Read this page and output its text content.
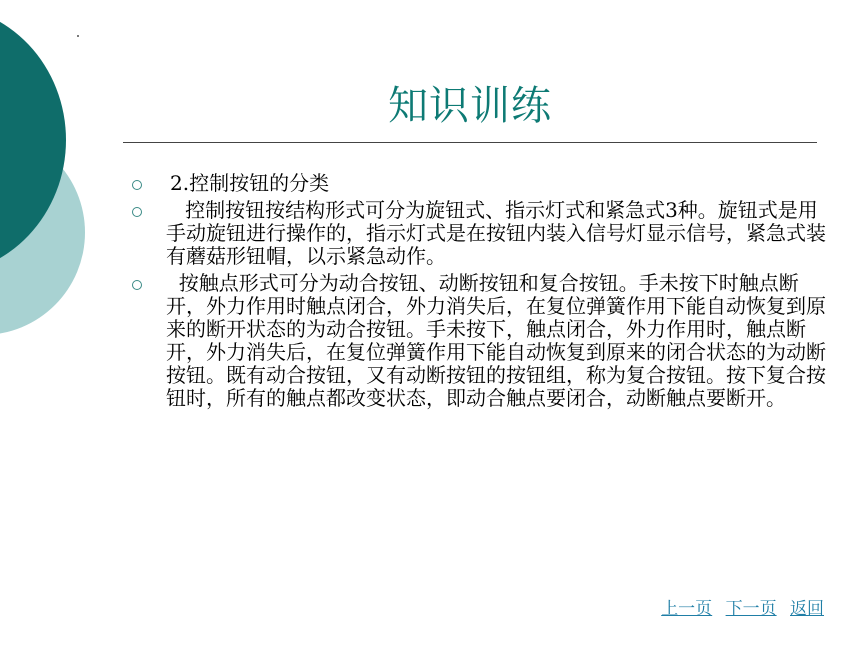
知识训练

2.控制按钮的分类

控制按钮按结构形式可分为旋钮式、指示灯式和紧急式3种。旋钮式是用手动旋钮进行操作的，指示灯式是在按钮内装入信号灯显示信号，紧急式装有蘑菇形钮帽，以示紧急动作。

按触点形式可分为动合按钮、动断按钮和复合按钮。手未按下时触点断开，外力作用时触点闭合，外力消失后，在复位弹簧作用下能自动恢复到原来的断开状态的为动合按钮。手未按下，触点闭合，外力作用时，触点断开，外力消失后，在复位弹簧作用下能自动恢复到原来的闭合状态的为动断按钮。既有动合按钮，又有动断按钮的按钮组，称为复合按钮。按下复合按钮时，所有的触点都改变状态，即动合触点要闭合，动断触点要断开。

上一页 下一页 返回
